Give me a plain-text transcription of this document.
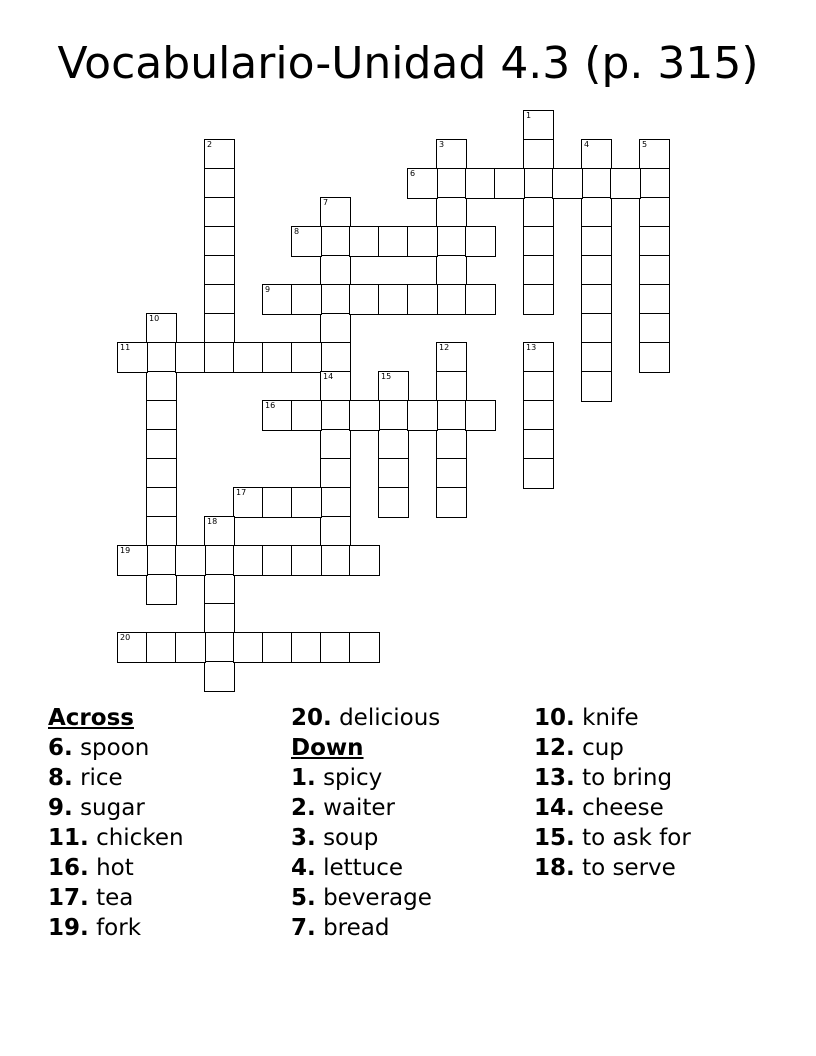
Vocabulario-Unidad 4.3 (p. 315)
1
2	3	4	5
6
7
8
9
10
11	12	13
14	15
16
17
18
19
20
Across
6. spoon
8. rice
9. sugar
11. chicken
16. hot
17. tea
19. fork
20. delicious
Down
1. spicy
2. waiter
3. soup
4. lettuce
5. beverage
7. bread
10. knife
12. cup
13. to bring
14. cheese
15. to ask for
18. to serve
